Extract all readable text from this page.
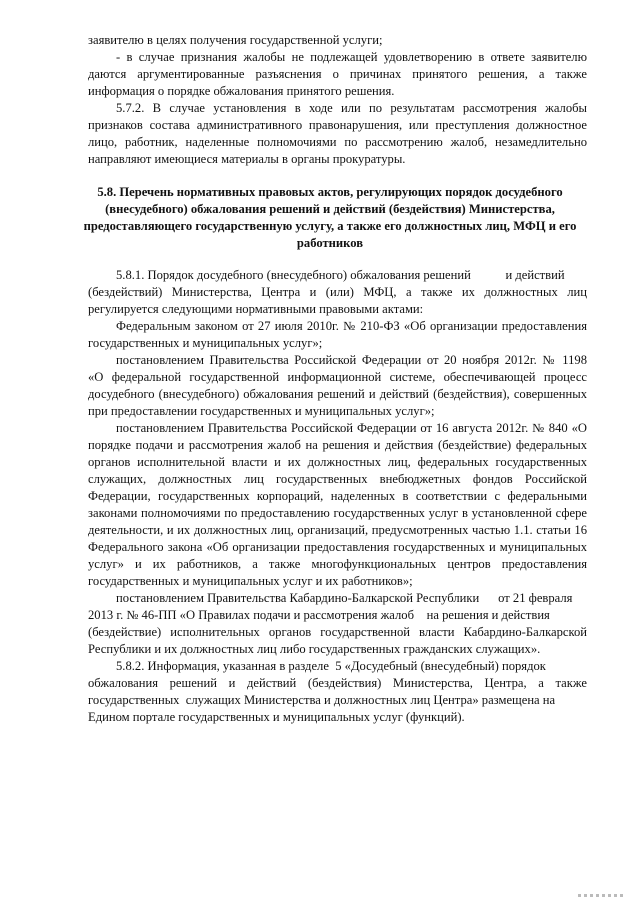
заявителю в целях получения государственной услуги;
- в случае признания жалобы не подлежащей удовлетворению в ответе заявителю
даются аргументированные разъяснения о причинах принятого решения, а также
информация о порядке обжалования принятого решения.
5.7.2. В случае установления в ходе или по результатам рассмотрения жалобы
признаков состава административного правонарушения, или преступления должностное
лицо, работник, наделенные полномочиями по рассмотрению жалоб, незамедлительно
направляют имеющиеся материалы в органы прокуратуры.
5.8. Перечень нормативных правовых актов, регулирующих порядок досудебного
(внесудебного) обжалования решений и действий (бездействия) Министерства,
предоставляющего государственную услугу, а также его должностных лиц, МФЦ и его
работников
5.8.1. Порядок досудебного (внесудебного) обжалования решений           и действий
(бездействий) Министерства, Центра и (или) МФЦ, а также их должностных лиц
регулируется следующими нормативными правовыми актами:
Федеральным законом от 27 июля 2010г. № 210-ФЗ «Об организации предоставления
государственных и муниципальных услуг»;
постановлением Правительства Российской Федерации от 20 ноября 2012г. № 1198
«О федеральной государственной информационной системе, обеспечивающей процесс
досудебного (внесудебного) обжалования решений и действий (бездействия), совершенных
при предоставлении государственных и муниципальных услуг»;
постановлением Правительства Российской Федерации от 16 августа 2012г. № 840 «О
порядке подачи и рассмотрения жалоб на решения и действия (бездействие) федеральных
органов исполнительной власти и их должностных лиц, федеральных государственных
служащих, должностных лиц государственных внебюджетных фондов Российской
Федерации, государственных корпораций, наделенных в соответствии с федеральными
законами полномочиями по предоставлению государственных услуг в установленной сфере
деятельности, и их должностных лиц, организаций, предусмотренных частью 1.1. статьи 16
Федерального закона «Об организации предоставления государственных и муниципальных
услуг» и их работников, а также многофункциональных центров предоставления
государственных и муниципальных услуг и их работников»;
постановлением Правительства Кабардино-Балкарской Республики      от 21 февраля
2013 г. № 46-ПП «О Правилах подачи и рассмотрения жалоб    на решения и действия
(бездействие) исполнительных органов государственной власти Кабардино-Балкарской
Республики и их должностных лиц либо государственных гражданских служащих».
5.8.2. Информация, указанная в разделе  5 «Досудебный (внесудебный) порядок
обжалования решений и действий (бездействия) Министерства, Центра, а также
государственных  служащих Министерства и должностных лиц Центра» размещена на
Едином портале государственных и муниципальных услуг (функций).
